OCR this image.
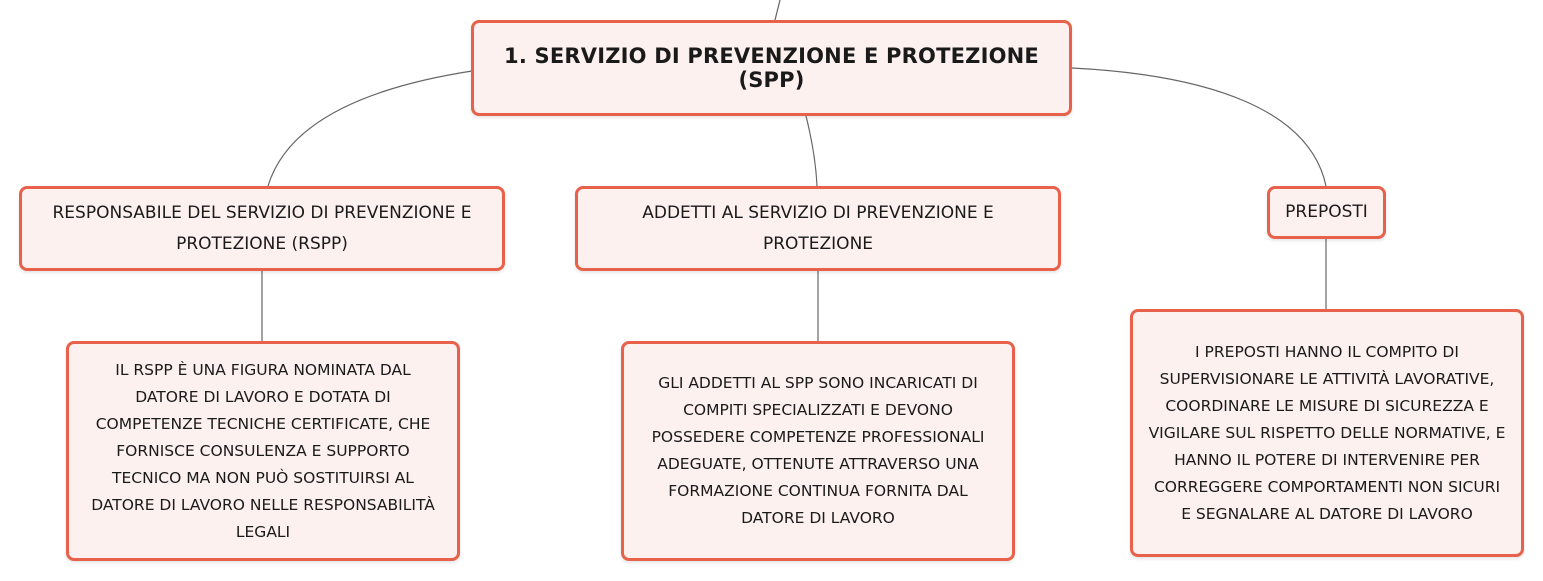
1. SERVIZIO DI PREVENZIONE E PROTEZIONE (SPP)
RESPONSABILE DEL SERVIZIO DI PREVENZIONE E
PROTEZIONE (RSPP)
ADDETTI AL SERVIZIO DI PREVENZIONE E
PROTEZIONE
PREPOSTI
IL RSPP È UNA FIGURA NOMINATA DAL
DATORE DI LAVORO E DOTATA DI
COMPETENZE TECNICHE CERTIFICATE, CHE
FORNISCE CONSULENZA E SUPPORTO
TECNICO MA NON PUÒ SOSTITUIRSI AL
DATORE DI LAVORO NELLE RESPONSABILITÀ
LEGALI
GLI ADDETTI AL SPP SONO INCARICATI DI
COMPITI SPECIALIZZATI E DEVONO
POSSEDERE COMPETENZE PROFESSIONALI
ADEGUATE, OTTENUTE ATTRAVERSO UNA
FORMAZIONE CONTINUA FORNITA DAL
DATORE DI LAVORO
I PREPOSTI HANNO IL COMPITO DI
SUPERVISIONARE LE ATTIVITÀ LAVORATIVE,
COORDINARE LE MISURE DI SICUREZZA E
VIGILARE SUL RISPETTO DELLE NORMATIVE, E
HANNO IL POTERE DI INTERVENIRE PER
CORREGGERE COMPORTAMENTI NON SICURI
E SEGNALARE AL DATORE DI LAVORO
